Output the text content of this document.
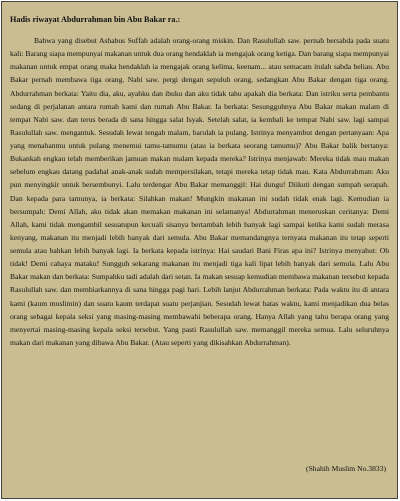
Hadis riwayat Abdurrahman bin Abu Bakar ra.:

Bahwa yang disebut Ashabus Suffah adalah orang-orang miskin. Dan Rasulullah saw. pernah bersabda pada suatu kali: Barang siapa mempunyai makanan untuk dua orang hendaklah ia mengajak orang ketiga. Dan barang siapa mempunyai makanan untuk empat orang maka hendaklah ia mengajak orang kelima, keenam... atau semacam itulah sabda beliau. Abu Bakar pernah membawa tiga orang. Nabi saw. pergi dengan sepuluh orang, sedangkan Abu Bakar dengan tiga orang. Abdurrahman berkata: Yaitu dia, aku, ayahku dan ibuku dan aku tidak tahu apakah dia berkata: Dan istriku serta pembantu sedang di perjalanan antara rumah kami dan rumah Abu Bakar. Ia berkata: Sesungguhnya Abu Bakar makan malam di tempat Nabi saw. dan terus berada di sana hingga salat Isyak. Setelah salat, ia kembali ke tempat Nabi saw. lagi sampai Rasulullah saw. mengantuk. Sesudah lewat tengah malam, barulah ia pulang. Istrinya menyambut dengan pertanyaan: Apa yang menahanmu untuk pulang menemui tamu-tamumu (atau ia berkata seorang tamumu)? Abu Bakar balik bertanya: Bukankah engkau telah memberikan jamuan makan malam kepada mereka? Istrinya menjawab: Mereka tidak mau makan sebelum engkau datang padahal anak-anak sudah mempersilakan, tetapi mereka tetap tidak mau. Kata Abdurrahman: Aku pun menyingkir untuk bersembunyi. Lalu terdengar Abu Bakar memanggil: Hai dungu! Diikuti dengan sumpah serapah. Dan kepada para tamunya, ia berkata: Silahkan makan! Mungkin makanan ini sudah tidak enak lagi. Kemudian ia bersumpah: Demi Allah, aku tidak akan memakan makanan ini selamanya! Abdurrahman meneruskan ceritanya: Demi Allah, kami tidak mengambil sesuatupun kecuali sisanya bertambah lebih banyak lagi sampai ketika kami sudah merasa kenyang, makanan itu menjadi lebih banyak dari semula. Abu Bakar memandangnya ternyata makanan itu tetap seperti semula atau bahkan lebih banyak lagi. Ia berkata kepada istrinya: Hai saudari Bani Firas apa ini? Istrinya menyahut: Oh tidak! Demi cahaya mataku! Sungguh sekarang makanan itu menjadi tiga kali lipat lebih banyak dari semula. Lalu Abu Bakar makan dan berkata: Sumpahku tadi adalah dari setan. Ia makan sesuap kemudian membawa makanan tersebut kepada Rasulullah saw. dan membiarkannya di sana hingga pagi hari. Lebih lanjut Abdurrahman berkata: Pada waktu itu di antara kami (kaum muslimin) dan suatu kaum terdapat suatu perjanjian. Sesudah lewat batas waktu, kami menjadikan dua belas orang sebagai kepala seksi yang masing-masing membawahi beberapa orang. Hanya Allah yang tahu berapa orang yang menyertai masing-masing kepala seksi tersebut. Yang pasti Rasulullah saw. memanggil mereka semua. Lalu seluruhnya makan dari makanan yang dibawa Abu Bakar. (Atau seperti yang dikisahkan Abdurrahman).

(Shahih Muslim No.3833)
